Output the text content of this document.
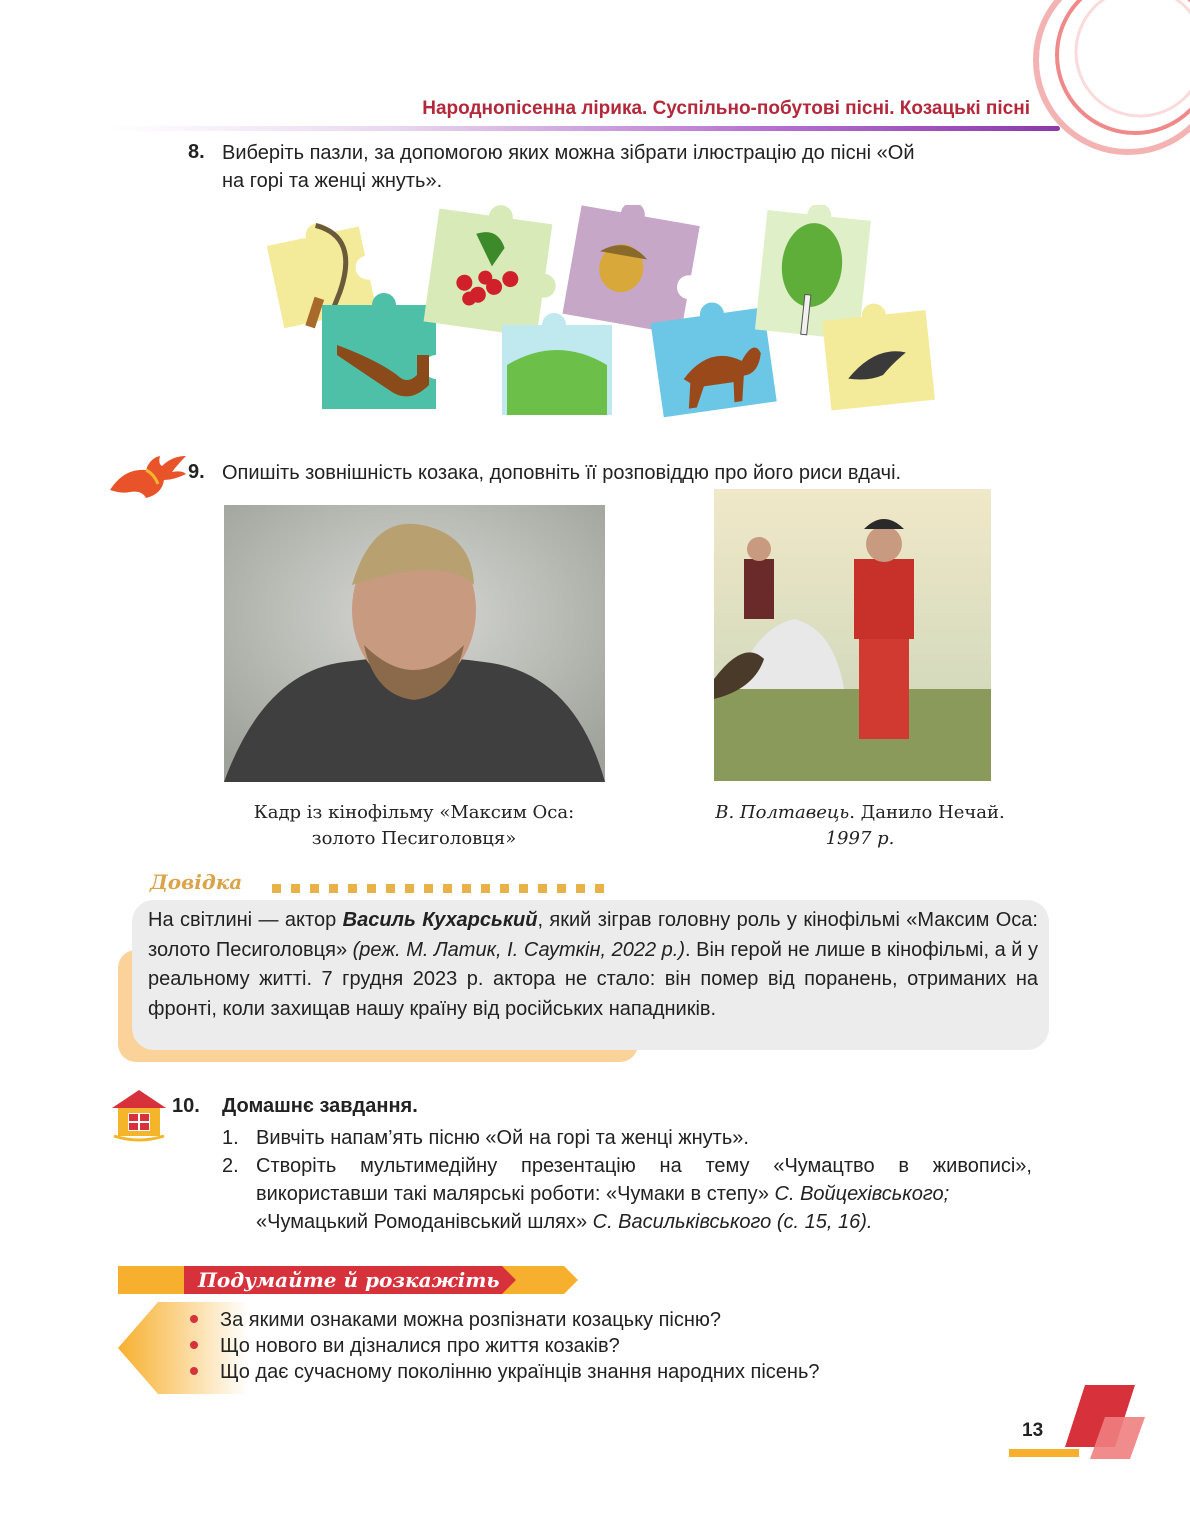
Народнопісенна лірика. Суспільно-побутові пісні. Козацькі пісні
8. Виберіть пазли, за допомогою яких можна зібрати ілюстрацію до пісні «Ой
на горі та женці жнуть».
9. Опишіть зовнішність козака, доповніть її розповіддю про його риси вдачі.
Кадр із кінофільму «Максим Оса:
золото Песиголовця»
В. Полтавець. Данило Нечай.
1997 р.
Довідка
На світлині — актор Василь Кухарський, який зіграв головну роль у кінофільмі «Максим Оса: золото Песиголовця» (реж. М. Латик, І. Сауткін, 2022 р.). Він герой не лише в кінофільмі, а й у реальному житті. 7 грудня 2023 р. актора не стало: він помер від поранень, отриманих на фронті, коли захищав нашу країну від російських нападників.
10. Домашнє завдання.
1. Вивчіть напам’ять пісню «Ой на горі та женці жнуть».
2. Створіть мультимедійну презентацію на тему «Чумацтво в живописі»,
використавши такі малярські роботи: «Чумаки в степу» С. Войцехівського;
«Чумацький Ромоданівський шлях» С. Васильківського (с. 15, 16).
Подумайте й розкажіть
За якими ознаками можна розпізнати козацьку пісню?
Що нового ви дізналися про життя козаків?
Що дає сучасному поколінню українців знання народних пісень?
13
